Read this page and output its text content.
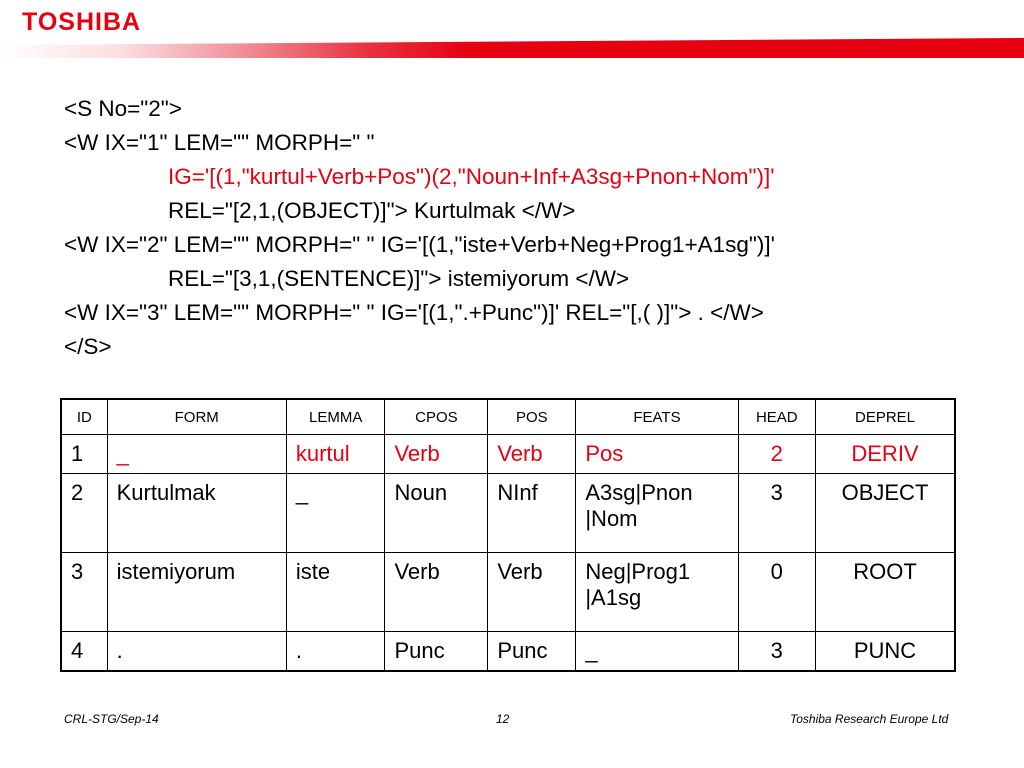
TOSHIBA
<S No="2">
<W IX="1" LEM="" MORPH=" "
IG='[(1,"kurtul+Verb+Pos")(2,"Noun+Inf+A3sg+Pnon+Nom")]'
REL="[2,1,(OBJECT)]"> Kurtulmak </W>
<W IX="2" LEM="" MORPH=" " IG='[(1,"iste+Verb+Neg+Prog1+A1sg")]'
REL="[3,1,(SENTENCE)]"> istemiyorum </W>
<W IX="3" LEM="" MORPH=" " IG='[(1,".+Punc")]' REL="[,( )]"> . </W>
</S>
ID	FORM	LEMMA	CPOS	POS	FEATS	HEAD	DEPREL
1	_	kurtul	Verb	Verb	Pos	2	DERIV
2	Kurtulmak	_	Noun	NInf	A3sg|Pnon |Nom	3	OBJECT
3	istemiyorum	iste	Verb	Verb	Neg|Prog1 |A1sg	0	ROOT
4	.	.	Punc	Punc	_	3	PUNC
CRL-STG/Sep-14	12	Toshiba Research Europe Ltd
